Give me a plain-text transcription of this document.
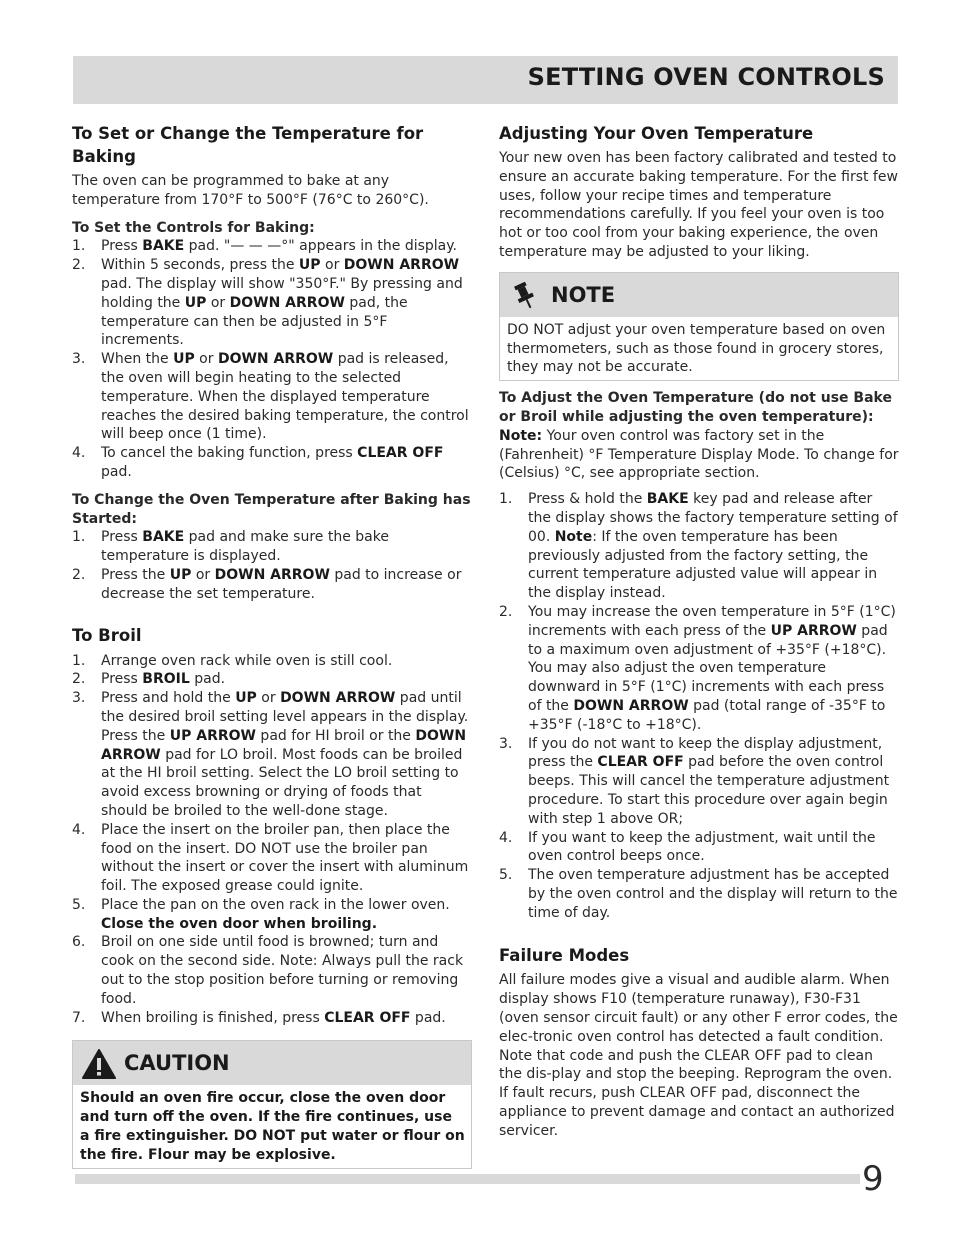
SETTING OVEN CONTROLS
To Set or Change the Temperature for Baking

The oven can be programmed to bake at any temperature from 170°F to 500°F (76°C to 260°C).

To Set the Controls for Baking:
1. Press BAKE pad. "— — —°" appears in the display.
2. Within 5 seconds, press the UP or DOWN ARROW pad. The display will show "350°F." By pressing and holding the UP or DOWN ARROW pad, the temperature can then be adjusted in 5°F increments.
3. When the UP or DOWN ARROW pad is released, the oven will begin heating to the selected temperature. When the displayed temperature reaches the desired baking temperature, the control will beep once (1 time).
4. To cancel the baking function, press CLEAR OFF pad.
To Change the Oven Temperature after Baking has Started:
1. Press BAKE pad and make sure the bake temperature is displayed.
2. Press the UP or DOWN ARROW pad to increase or decrease the set temperature.
To Broil
1. Arrange oven rack while oven is still cool.
2. Press BROIL pad.
3. Press and hold the UP or DOWN ARROW pad until the desired broil setting level appears in the display. Press the UP ARROW pad for HI broil or the DOWN ARROW pad for LO broil. Most foods can be broiled at the HI broil setting. Select the LO broil setting to avoid excess browning or drying of foods that should be broiled to the well-done stage.
4. Place the insert on the broiler pan, then place the food on the insert. DO NOT use the broiler pan without the insert or cover the insert with aluminum foil. The exposed grease could ignite.
5. Place the pan on the oven rack in the lower oven. Close the oven door when broiling.
6. Broil on one side until food is browned; turn and cook on the second side. Note: Always pull the rack out to the stop position before turning or removing food.
7. When broiling is finished, press CLEAR OFF pad.
CAUTION
Should an oven fire occur, close the oven door and turn off the oven. If the fire continues, use a fire extinguisher. DO NOT put water or flour on the fire. Flour may be explosive.
Adjusting Your Oven Temperature

Your new oven has been factory calibrated and tested to ensure an accurate baking temperature. For the first few uses, follow your recipe times and temperature recommendations carefully. If you feel your oven is too hot or too cool from your baking experience, the oven temperature may be adjusted to your liking.

NOTE
DO NOT adjust your oven temperature based on oven thermometers, such as those found in grocery stores, they may not be accurate.
To Adjust the Oven Temperature (do not use Bake or Broil while adjusting the oven temperature):

Note: Your oven control was factory set in the (Fahrenheit) °F Temperature Display Mode. To change for (Celsius) °C, see appropriate section.

1. Press & hold the BAKE key pad and release after the display shows the factory temperature setting of 00. Note: If the oven temperature has been previously adjusted from the factory setting, the current temperature adjusted value will appear in the display instead.
2. You may increase the oven temperature in 5°F (1°C) increments with each press of the UP ARROW pad to a maximum oven adjustment of +35°F (+18°C). You may also adjust the oven temperature downward in 5°F (1°C) increments with each press of the DOWN ARROW pad (total range of -35°F to +35°F (-18°C to +18°C).
3. If you do not want to keep the display adjustment, press the CLEAR OFF pad before the oven control beeps. This will cancel the temperature adjustment procedure. To start this procedure over again begin with step 1 above OR;
4. If you want to keep the adjustment, wait until the oven control beeps once.
5. The oven temperature adjustment has be accepted by the oven control and the display will return to the time of day.
Failure Modes

All failure modes give a visual and audible alarm. When display shows F10 (temperature runaway), F30-F31 (oven sensor circuit fault) or any other F error codes, the elec-tronic oven control has detected a fault condition. Note that code and push the CLEAR OFF pad to clean the dis-play and stop the beeping. Reprogram the oven. If fault recurs, push CLEAR OFF pad, disconnect the appliance to prevent damage and contact an authorized servicer.

9
